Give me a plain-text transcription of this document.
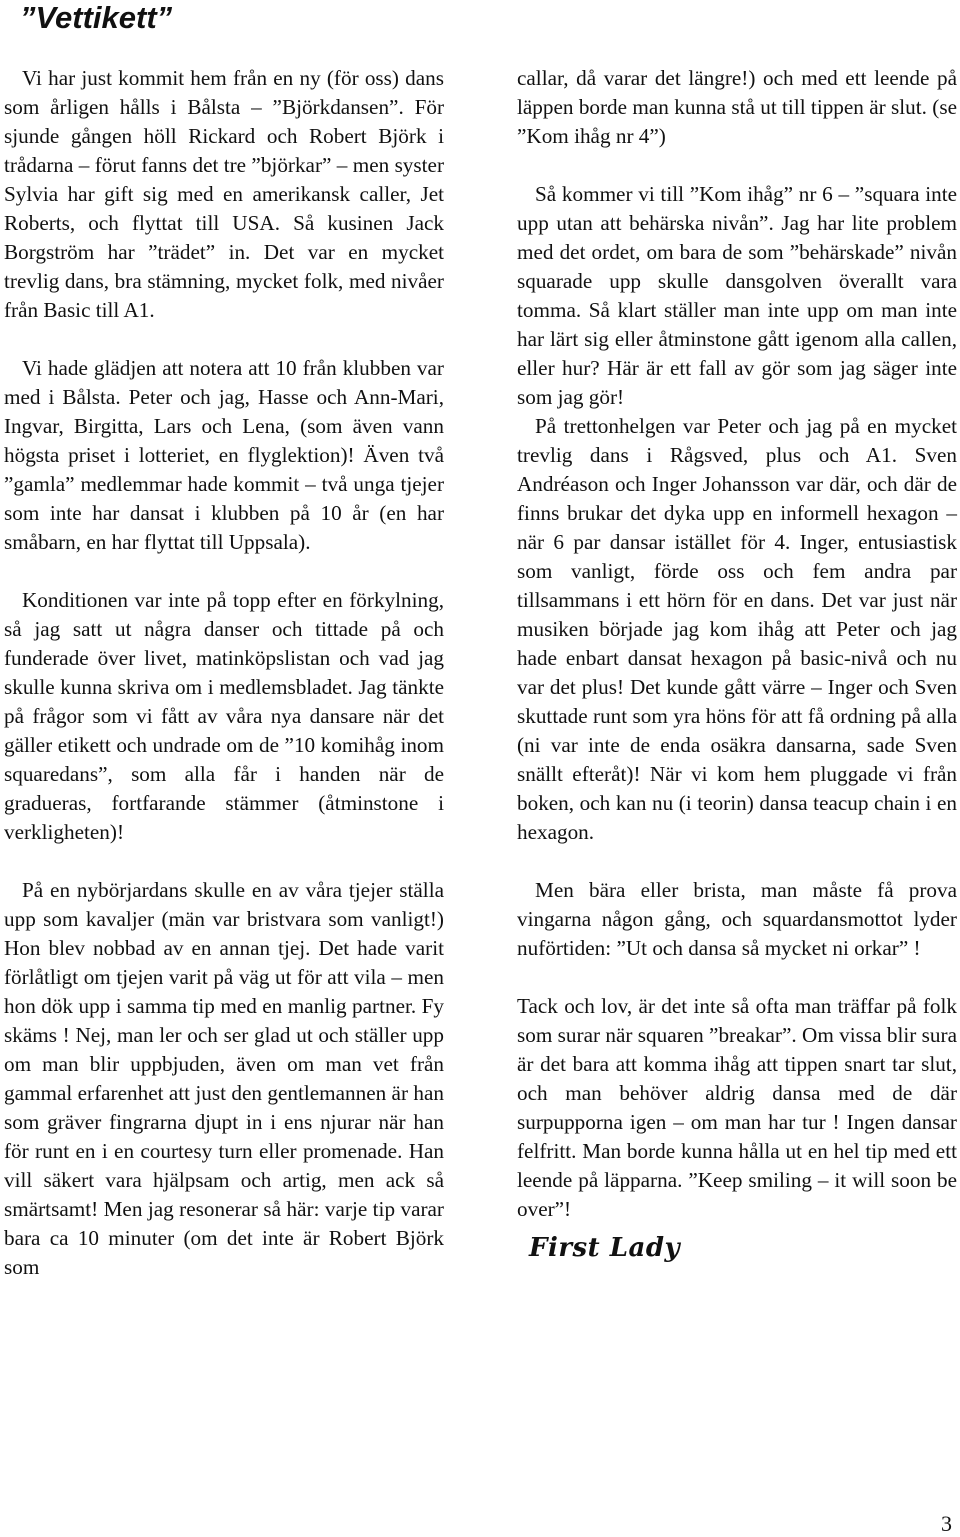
”Vettikett”

Vi har just kommit hem från en ny (för oss) dans som årligen hålls i Bålsta – ”Björkdansen”. För sjunde gången höll Rickard och Robert Björk i trådarna – förut fanns det tre ”björkar” – men syster Sylvia har gift sig med en amerikansk caller, Jet Roberts, och flyttat till USA. Så kusinen Jack Borgström har ”trädet” in. Det var en mycket trevlig dans, bra stämning, mycket folk, med nivåer från Basic till A1.

Vi hade glädjen att notera att 10 från klubben var med i Bålsta. Peter och jag, Hasse och Ann-Mari, Ingvar, Birgitta, Lars och Lena, (som även vann högsta priset i lotteriet, en flyglektion)! Även två ”gamla” medlemmar hade kommit – två unga tjejer som inte har dansat i klubben på 10 år (en har småbarn, en har flyttat till Uppsala).

Konditionen var inte på topp efter en förkylning, så jag satt ut några danser och tittade på och funderade över livet, matinköpslistan och vad jag skulle kunna skriva om i medlemsbladet. Jag tänkte på frågor som vi fått av våra nya dansare när det gäller etikett och undrade om de ”10 komihåg inom squaredans”, som alla får i handen när de gradueras, fortfarande stämmer (åtminstone i verkligheten)!

På en nybörjardans skulle en av våra tjejer ställa upp som kavaljer (män var bristvara som vanligt!) Hon blev nobbad av en annan tjej. Det hade varit förlåtligt om tjejen varit på väg ut för att vila – men hon dök upp i samma tip med en manlig partner. Fy skäms ! Nej, man ler och ser glad ut och ställer upp om man blir uppbjuden, även om man vet från gammal erfarenhet att just den gentlemannen är han som gräver fingrarna djupt in i ens njurar när han för runt en i en courtesy turn eller promenade. Han vill säkert vara hjälpsam och artig, men ack så smärtsamt! Men jag resonerar så här: varje tip varar bara ca 10 minuter (om det inte är Robert Björk som

callar, då varar det längre!) och med ett leende på läppen borde man kunna stå ut till tippen är slut. (se ”Kom ihåg nr 4”)

Så kommer vi till ”Kom ihåg” nr 6 – ”squara inte upp utan att behärska nivån”. Jag har lite problem med det ordet, om bara de som ”behärskade” nivån squarade upp skulle dansgolven överallt vara tomma. Så klart ställer man inte upp om man inte har lärt sig eller åtminstone gått igenom alla callen, eller hur? Här är ett fall av gör som jag säger inte som jag gör!

På trettonhelgen var Peter och jag på en mycket trevlig dans i Rågsved, plus och A1. Sven Andréason och Inger Johansson var där, och där de finns brukar det dyka upp en informell hexagon – när 6 par dansar istället för 4. Inger, entusiastisk som vanligt, förde oss och fem andra par tillsammans i ett hörn för en dans. Det var just när musiken började jag kom ihåg att Peter och jag hade enbart dansat hexagon på basic-nivå och nu var det plus! Det kunde gått värre – Inger och Sven skuttade runt som yra höns för att få ordning på alla (ni var inte de enda osäkra dansarna, sade Sven snällt efteråt)! När vi kom hem pluggade vi från boken, och kan nu (i teorin) dansa teacup chain i en hexagon.

Men bära eller brista, man måste få prova vingarna någon gång, och squardansmottot lyder nuförtiden: ”Ut och dansa så mycket ni orkar” !

Tack och lov, är det inte så ofta man träffar på folk som surar när squaren ”breakar”. Om vissa blir sura är det bara att komma ihåg att tippen snart tar slut, och man behöver aldrig dansa med de där surpupporna igen – om man har tur ! Ingen dansar felfritt. Man borde kunna hålla ut en hel tip med ett leende på läpparna. ”Keep smiling – it will soon be over”!

First Lady
3
